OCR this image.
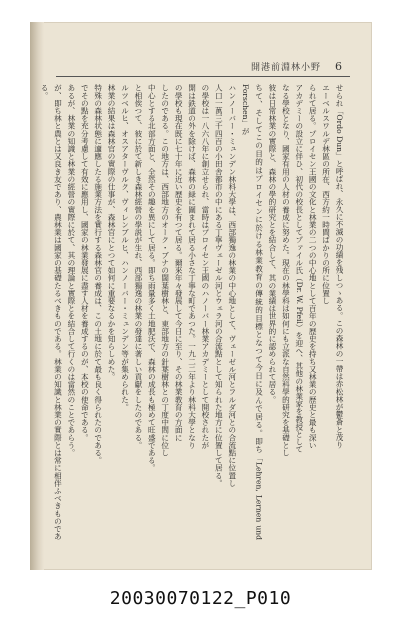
開港前淵林小野 6

せられ「Ordo Dun」と呼ばれ、永久に不滅の功績を残しつゝある。この森林の一帶は赤松林が鬱蒼と茂り

エーベルスワルデ林區の所在、西方約一時間ばかりの所に位置し

られて居る。プロイセン王國の文化と林業の二つの中心地として百年の歴史を持ち又林業の歴史と最も深い

アカデミーの設立に伴ひ、初代の校長としてプァイル氏（Dr. W. Pfeil）を迎へ、其他の林業家を教授として

なる學校となり、國家有用の人材の養成に努めた。現在の林學科は如何にも立派な自然科學的研究を基礎とし

彼は日常林業の實際と、森林の學的研究とを結合して、其の業績は世界的に認められて居る。

ちて、そしてこの目的はプロイセンに於ける林業教育の傳統的目標となつて今日に及んで居る。即ち「Lehren, Lernen und Forschen」が

ハンノーバー・ミュンデン林科大學は、西部獨逸の林業の中心地として、ヴェーゼル河とフルダ河との合流點に位置し

人口一萬三千四百の小田舎都市の中にある丁寧ヴェーゼル河とウェラ河の合流點として知られた地方に位置して居る。

の學校は一八六八年に創立せられ、當時はプロイセン王國のハノーバー林業アカデミーとして開校されたが

開は鉄道の外を除けば、森林の緑に圍まれて居る小さな丁寧な町であつた。一九二二年より林科大學となり

の學校も現在既に七十年に近い歴史を有つて居る。爾來年々發展して今日に至り、その林業教育の方面に

したのである。この地方は、西部地方のオーク・ブナの闊葉樹林と、東部地方の針葉樹林との丁度中間に位し

中心とする北部方面と、全然その趣を異にして居る。即ち雨量多く土地肥沃で、森林の成長も極めて旺盛である。

と相俟つて、彼に於て新しき森林經營の學説が生れ、西部獨逸の林業の發達に著しい貢獻をしたのである。

ルツベルヒ、オスアターヴルク、ヴィレンブルヒ、ハンノーバー・ミュンデン等が集められた。

林業の結果は森林官の實際の仕事が、森林官にとつて如何に重要なるかを知らしめた。

特殊の森林状態に適應したる施業方法を實行する森林官の養成は、この土地に於て最も良く得られたのである。

でその點を充分考慮して有效に應用し、國家の林業發展に盡す人材を養成するのが、本校の使命である。

あるが、林業の知識と林業の經營の實際に於て、其の理論と實際とを結合して行くのは當然のことであらう。

が、即ち林と農とは又良き友であり、農林業は國家の基礎たるべきものである。林業の知識と林業の實際とは常に相伴ふべきものである。

20030070122_P010
